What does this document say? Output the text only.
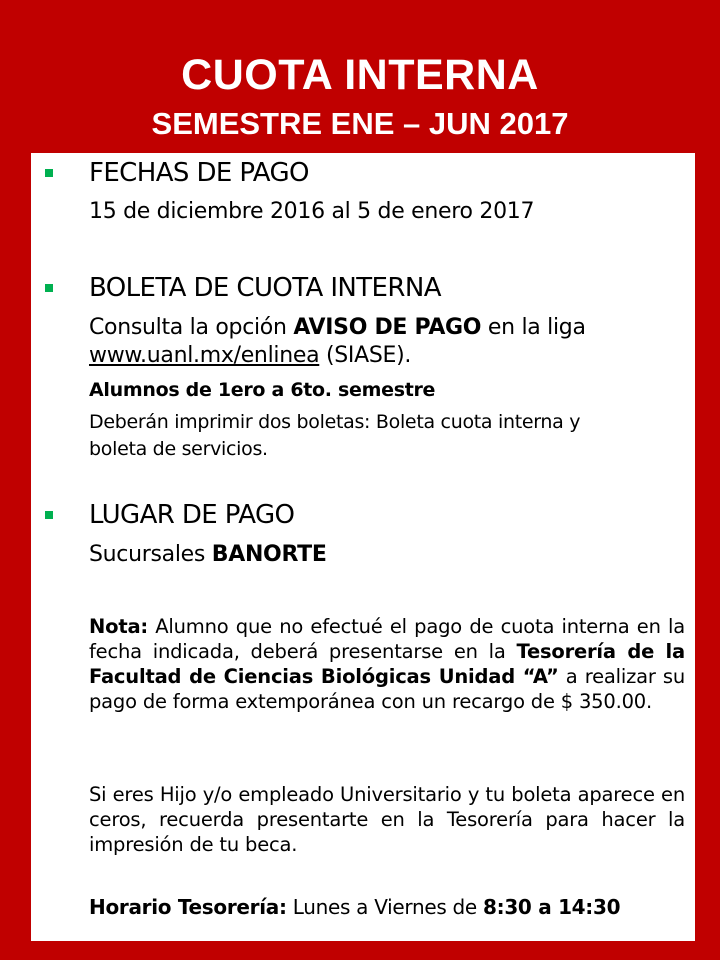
CUOTA INTERNA
SEMESTRE ENE – JUN 2017
FECHAS DE PAGO
15 de diciembre 2016 al 5 de enero 2017
BOLETA DE CUOTA INTERNA
Consulta la opción AVISO DE PAGO en la liga
www.uanl.mx/enlinea (SIASE).
Alumnos de 1ero a 6to. semestre
Deberán imprimir dos boletas: Boleta cuota interna y
boleta de servicios.
LUGAR DE PAGO
Sucursales BANORTE
Nota: Alumno que no efectué el pago de cuota interna en la fecha indicada, deberá presentarse en la Tesorería de la Facultad de Ciencias Biológicas Unidad “A” a realizar su pago de forma extemporánea con un recargo de $ 350.00.
Si eres Hijo y/o empleado Universitario y tu boleta aparece en ceros, recuerda presentarte en la Tesorería para hacer la impresión de tu beca.
Horario Tesorería: Lunes a Viernes de 8:30 a 14:30
